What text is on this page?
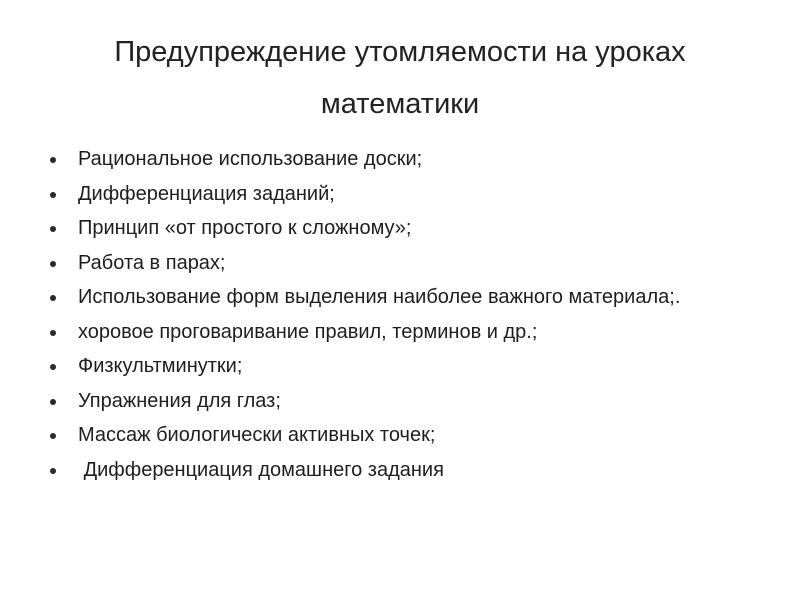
Предупреждение утомляемости на уроках
математики
Рациональное использование доски;
Дифференциация заданий;
Принцип «от простого к сложному»;
Работа в парах;
Использование форм выделения наиболее важного материала;.
хоровое проговаривание правил, терминов и др.;
Физкультминутки;
Упражнения для глаз;
Массаж биологически активных точек;
Дифференциация домашнего задания
